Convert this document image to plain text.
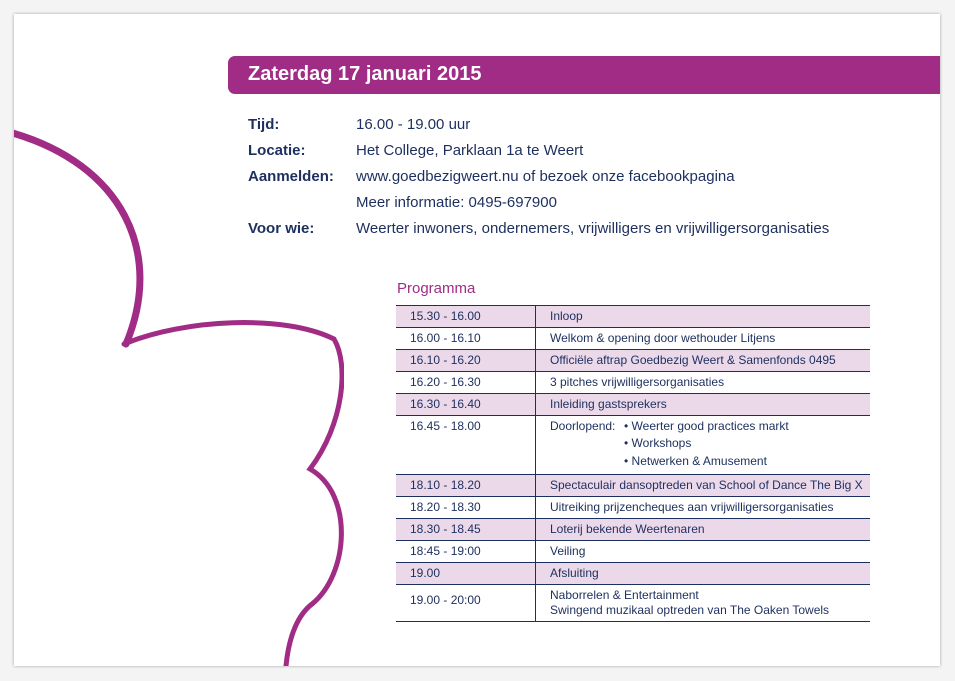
Zaterdag 17 januari 2015
Tijd:	16.00 - 19.00 uur
Locatie:	Het College, Parklaan 1a te Weert
Aanmelden: www.goedbezigweert.nu of bezoek onze facebookpagina
Meer informatie: 0495-697900
Voor wie:	Weerter inwoners, ondernemers, vrijwilligers en vrijwilligersorganisaties
Programma
15.30 - 16.00	Inloop
16.00 - 16.10	Welkom & opening door wethouder Litjens
16.10 - 16.20	Officiële aftrap Goedbezig Weert & Samenfonds 0495
16.20 - 16.30	3 pitches vrijwilligersorganisaties
16.30 - 16.40	Inleiding gastsprekers
16.45 - 18.00	Doorlopend: • Weerter good practices markt
• Workshops
• Netwerken & Amusement

18.10 - 18.20	Spectaculair dansoptreden van School of Dance The Big X
18.20 - 18.30	Uitreiking prijzencheques aan vrijwilligersorganisaties
18.30 - 18.45	Loterij bekende Weertenaren
18:45 - 19:00	Veiling
19.00	Afsluiting
19.00 - 20:00	Naborrelen & Entertainment
Swingend muzikaal optreden van The Oaken Towels
